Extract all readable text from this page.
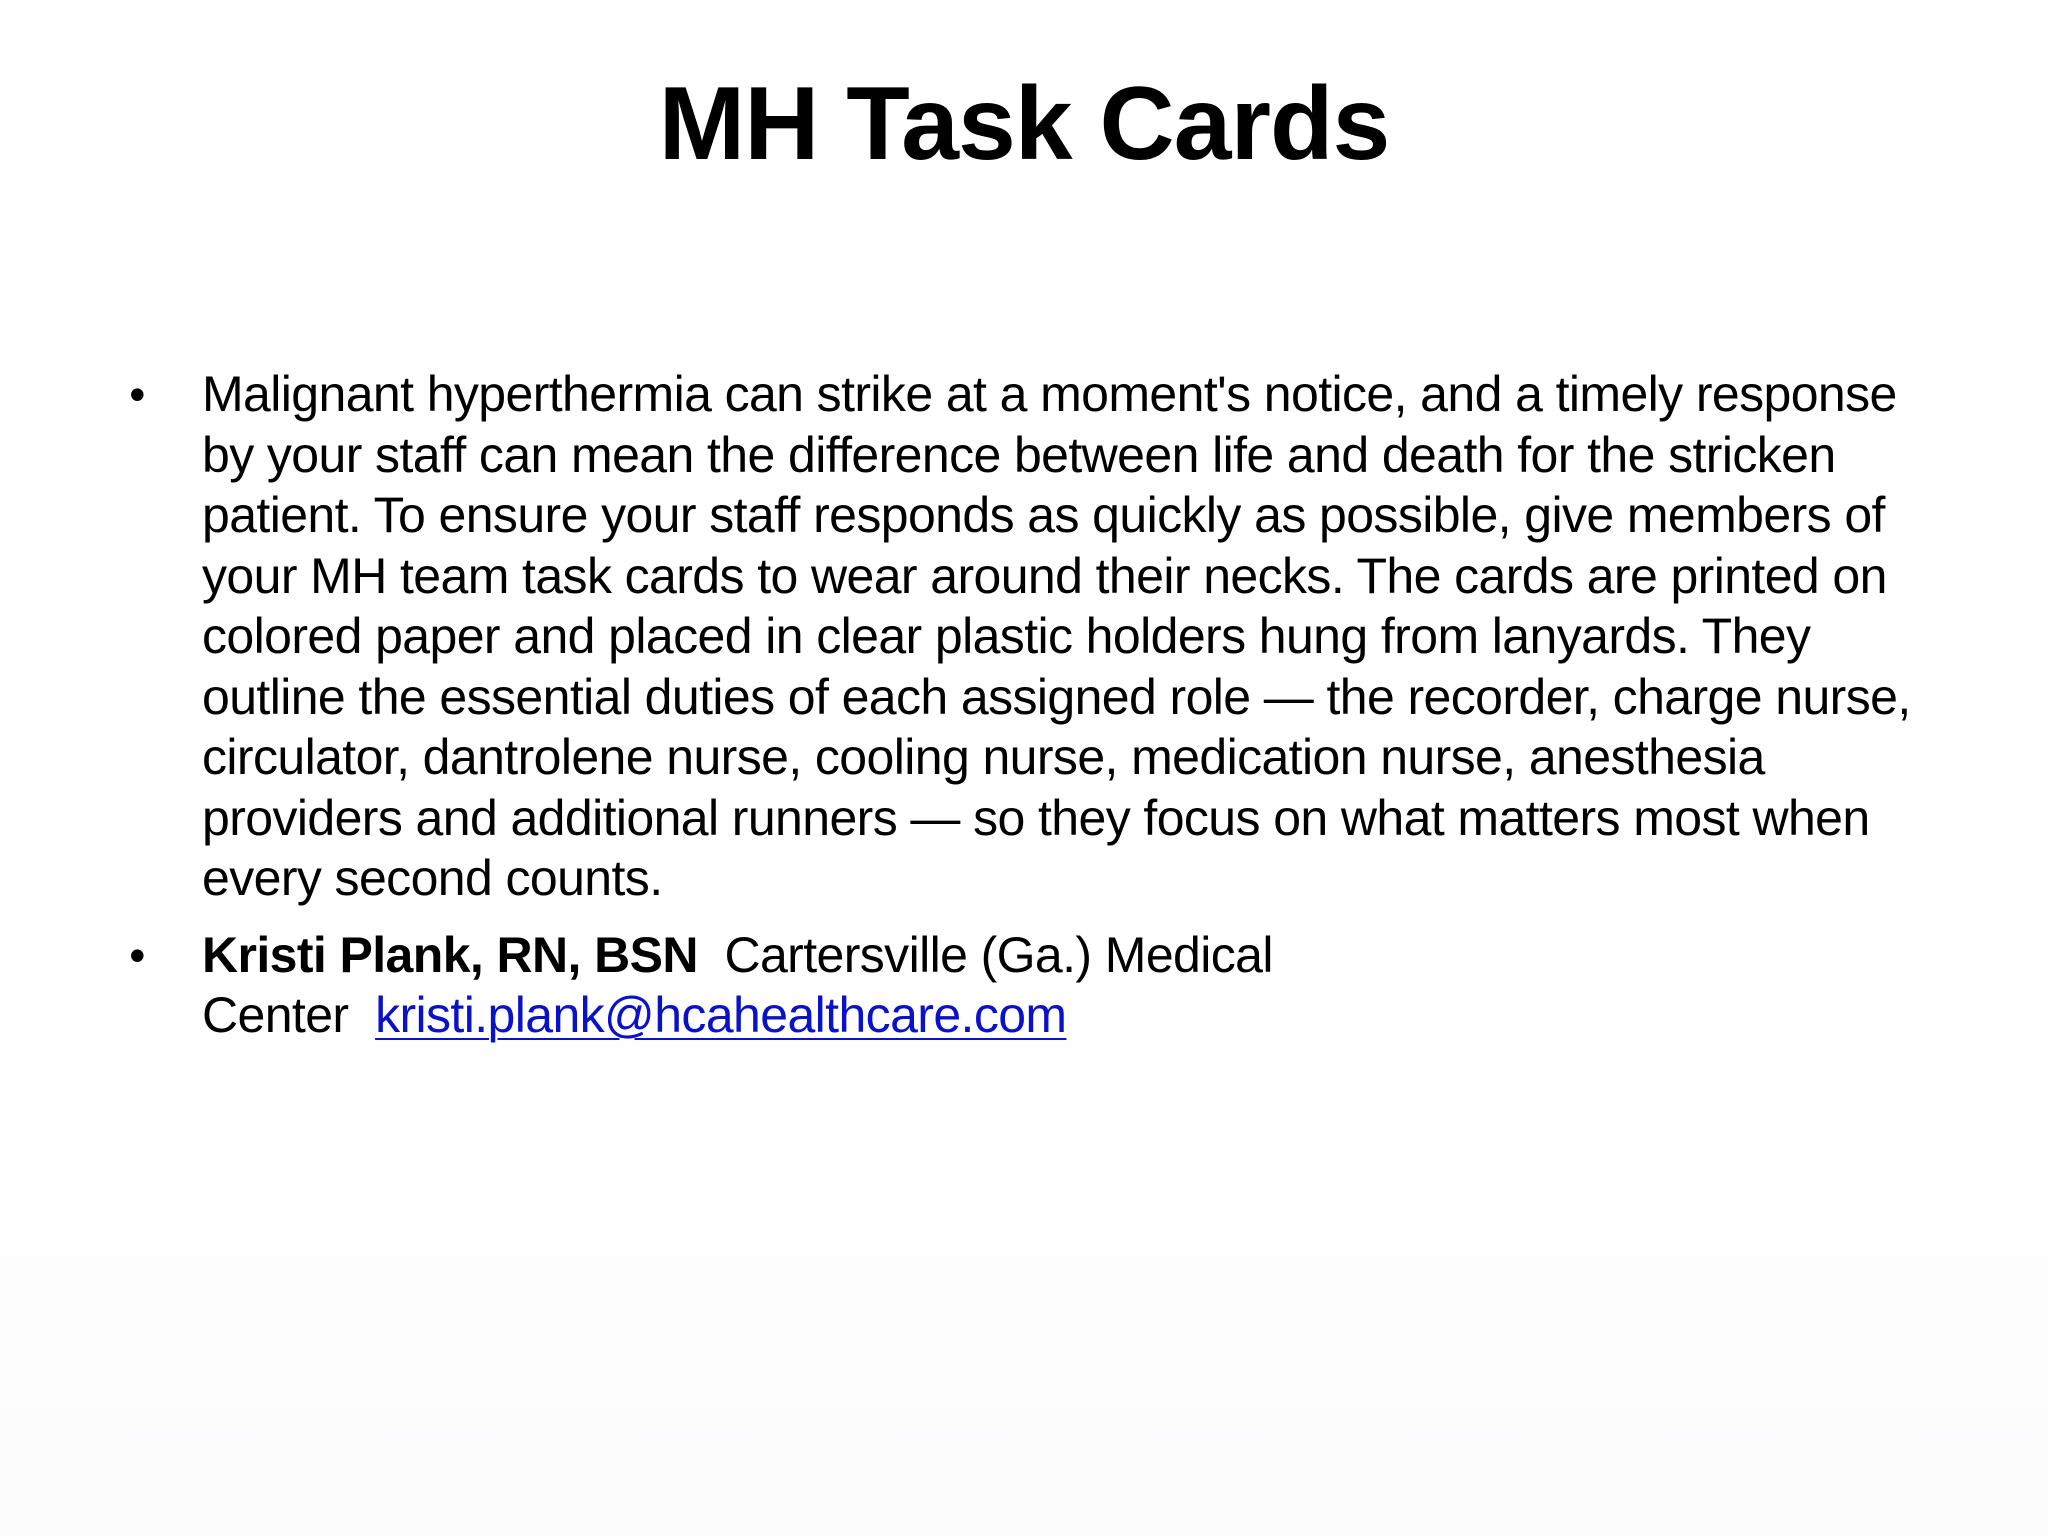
MH Task Cards
• Malignant hyperthermia can strike at a moment's notice, and a timely response by your staff can mean the difference between life and death for the stricken patient. To ensure your staff responds as quickly as possible, give members of your MH team task cards to wear around their necks. The cards are printed on colored paper and placed in clear plastic holders hung from lanyards. They outline the essential duties of each assigned role — the recorder, charge nurse, circulator, dantrolene nurse, cooling nurse, medication nurse, anesthesia providers and additional runners — so they focus on what matters most when every second counts.
• Kristi Plank, RN, BSN Cartersville (Ga.) Medical Center kristi.plank@hcahealthcare.com
